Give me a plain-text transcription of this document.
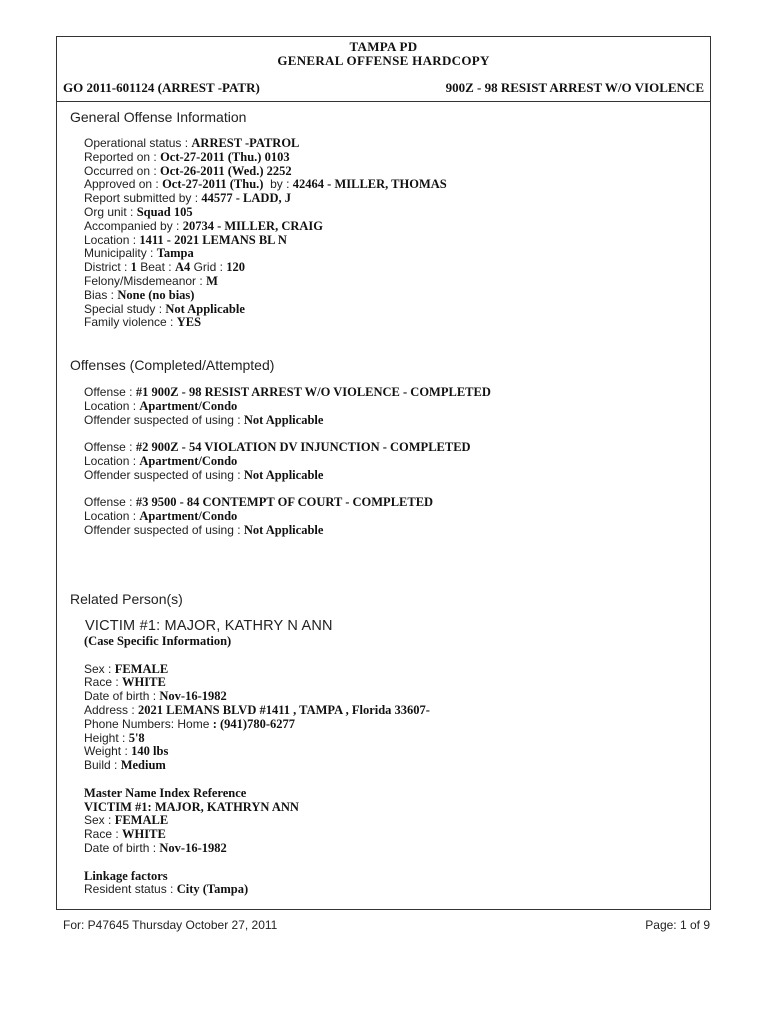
TAMPA PD
GENERAL OFFENSE HARDCOPY
GO 2011-601124 (ARREST -PATR)	900Z - 98 RESIST ARREST W/O VIOLENCE
General Offense Information
Operational status : ARREST -PATROL
Reported on : Oct-27-2011 (Thu.) 0103
Occurred on : Oct-26-2011 (Wed.) 2252
Approved on : Oct-27-2011 (Thu.)  by : 42464 - MILLER, THOMAS
Report submitted by : 44577 - LADD, J
Org unit : Squad 105
Accompanied by : 20734 - MILLER, CRAIG
Location : 1411 - 2021 LEMANS BL N
Municipality : Tampa
District : 1 Beat : A4 Grid : 120
Felony/Misdemeanor : M
Bias : None (no bias)
Special study : Not Applicable
Family violence : YES
Offenses (Completed/Attempted)
Offense : #1 900Z - 98 RESIST ARREST W/O VIOLENCE - COMPLETED
Location : Apartment/Condo
Offender suspected of using : Not Applicable
Offense : #2 900Z - 54 VIOLATION DV INJUNCTION - COMPLETED
Location : Apartment/Condo
Offender suspected of using : Not Applicable
Offense : #3 9500 - 84 CONTEMPT OF COURT - COMPLETED
Location : Apartment/Condo
Offender suspected of using : Not Applicable
Related Person(s)
VICTIM #1: MAJOR, KATHRY N ANN
(Case Specific Information)
Sex : FEMALE
Race : WHITE
Date of birth : Nov-16-1982
Address : 2021 LEMANS BLVD #1411 , TAMPA , Florida 33607-
Phone Numbers: Home : (941)780-6277
Height : 5'8
Weight : 140 lbs
Build : Medium
Master Name Index Reference
VICTIM #1: MAJOR, KATHRYN ANN
Sex : FEMALE
Race : WHITE
Date of birth : Nov-16-1982
Linkage factors
Resident status : City (Tampa)
For: P47645 Thursday October 27, 2011	Page: 1 of 9
